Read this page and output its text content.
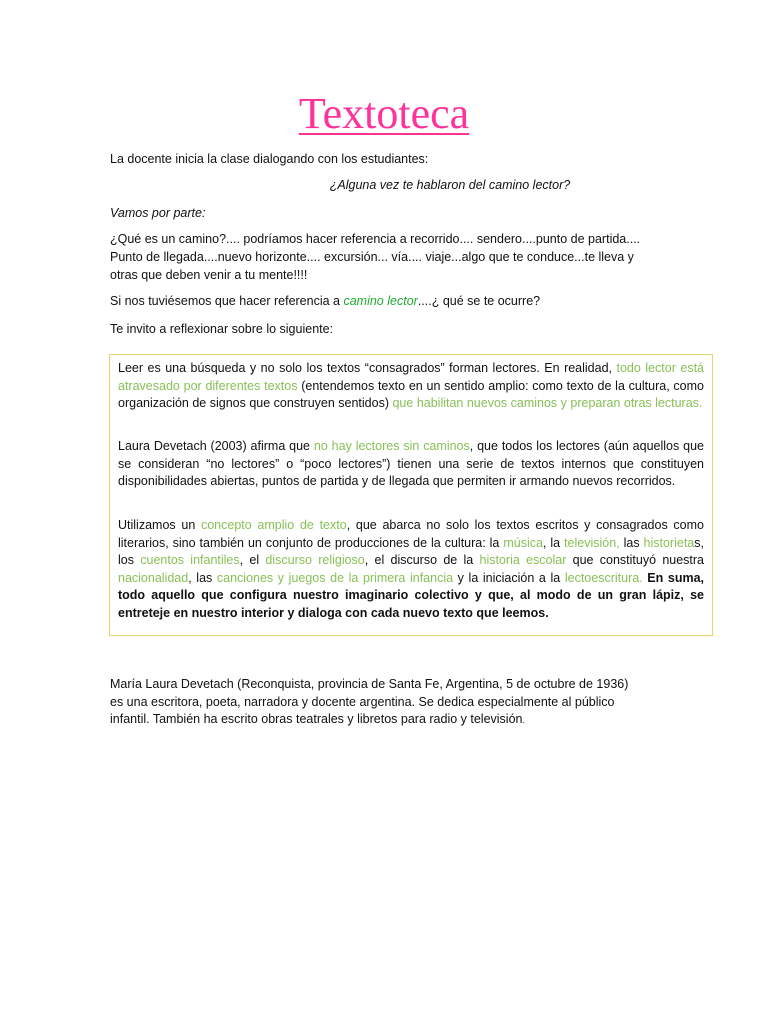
Textoteca

La docente inicia la clase dialogando con los estudiantes:

¿Alguna vez te hablaron del camino lector?

Vamos por parte:

¿Qué es un camino?.... podríamos hacer referencia a recorrido.... sendero....punto de partida....
Punto de llegada....nuevo horizonte.... excursión... vía.... viaje...algo que te conduce...te lleva y
otras que deben venir a tu mente!!!!

Si nos tuviésemos que hacer referencia a camino lector....¿ qué se te ocurre?

Te invito a reflexionar sobre lo siguiente:

Leer es una búsqueda y no solo los textos “consagrados” forman lectores. En realidad, todo lector está atravesado por diferentes textos (entendemos texto en un sentido amplio: como texto de la cultura, como organización de signos que construyen sentidos) que habilitan nuevos caminos y preparan otras lecturas.

Laura Devetach (2003) afirma que no hay lectores sin caminos, que todos los lectores (aún aquellos que se consideran “no lectores” o “poco lectores”) tienen una serie de textos internos que constituyen disponibilidades abiertas, puntos de partida y de llegada que permiten ir armando nuevos recorridos.

Utilizamos un concepto amplio de texto, que abarca no solo los textos escritos y consagrados como literarios, sino también un conjunto de producciones de la cultura: la música, la televisión, las historietas, los cuentos infantiles, el discurso religioso, el discurso de la historia escolar que constituyó nuestra nacionalidad, las canciones y juegos de la primera infancia y la iniciación a la lectoescritura. En suma, todo aquello que configura nuestro imaginario colectivo y que, al modo de un gran lápiz, se entreteje en nuestro interior y dialoga con cada nuevo texto que leemos.

María Laura Devetach (Reconquista, provincia de Santa Fe, Argentina, 5 de octubre de 1936)
es una escritora, poeta, narradora y docente argentina. Se dedica especialmente al público
infantil. También ha escrito obras teatrales y libretos para radio y televisión.
